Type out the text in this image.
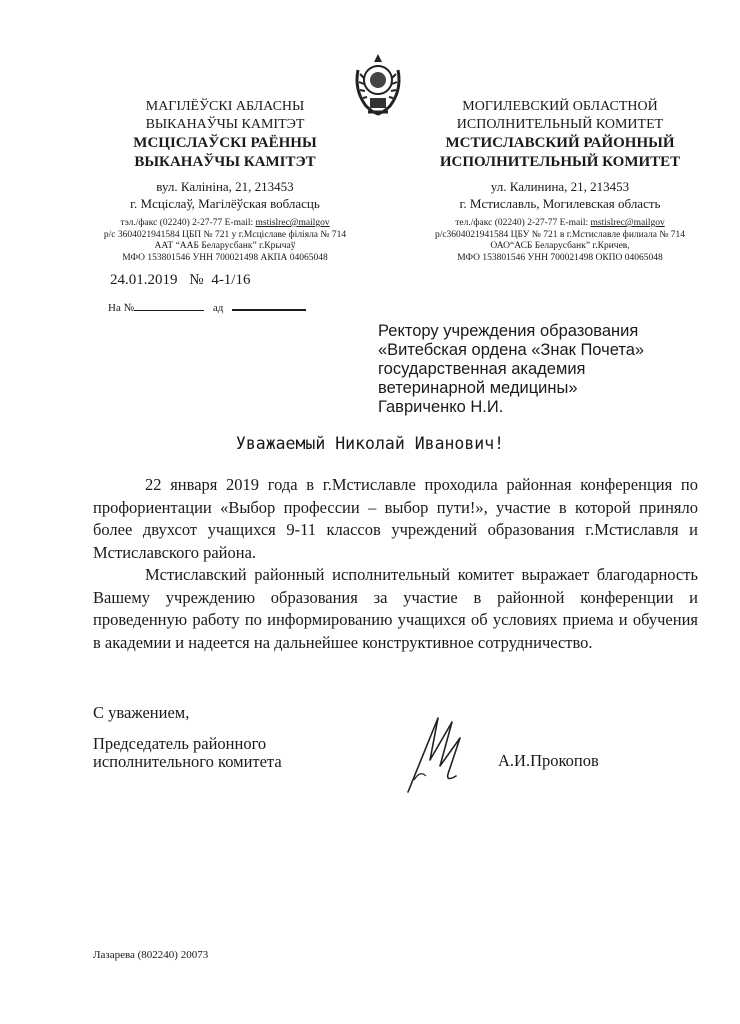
МАГІЛЁЎСКІ АБЛАСНЫ
ВЫКАНАЎЧЫ КАМІТЭТ
МСЦІСЛАЎСКІ РАЁННЫ
ВЫКАНАЎЧЫ КАМІТЭТ
вул. Калініна, 21, 213453
г. Мсціслаў, Магілёўская вобласць
тэл./факс (02240) 2-27-77 E-mail: mstislrec@mailgov
р/с 3604021941584 ЦБП № 721 у г.Мсціславе філіяла № 714
ААТ “ААБ Беларусбанк” г.Крычаў
МФО 153801546 УНН 700021498 АКПА 04065048
МОГИЛЕВСКИЙ ОБЛАСТНОЙ
ИСПОЛНИТЕЛЬНЫЙ КОМИТЕТ
МСТИСЛАВСКИЙ РАЙОННЫЙ
ИСПОЛНИТЕЛЬНЫЙ КОМИТЕТ
ул. Калинина, 21, 213453
г. Мстиславль, Могилевская область
тел./факс (02240) 2-27-77 E-mail: mstislrec@mailgov
р/с3604021941584 ЦБУ № 721 в г.Мстиславле филиала № 714
ОАО“АСБ Беларусбанк” г.Кричев,
МФО 153801546 УНН 700021498 ОКПО 04065048
24.01.2019 № 4-1/16
На №	ад
Ректору учреждения образования
«Витебская ордена «Знак Почета»
государственная академия
ветеринарной медицины»
Гавриченко Н.И.
Уважаемый Николай Иванович!

22 января 2019 года в г.Мстиславле проходила районная конференция по профориентации «Выбор профессии – выбор пути!», участие в которой приняло более двухсот учащихся 9-11 классов учреждений образования г.Мстиславля и Мстиславского района.

Мстиславский районный исполнительный комитет выражает благодарность Вашему учреждению образования за участие в районной конференции и проведенную работу по информированию учащихся об условиях приема и обучения в академии и надеется на дальнейшее конструктивное сотрудничество.

С уважением,
Председатель районного
исполнительного комитета	А.И.Прокопов
Лазарева (802240) 20073
